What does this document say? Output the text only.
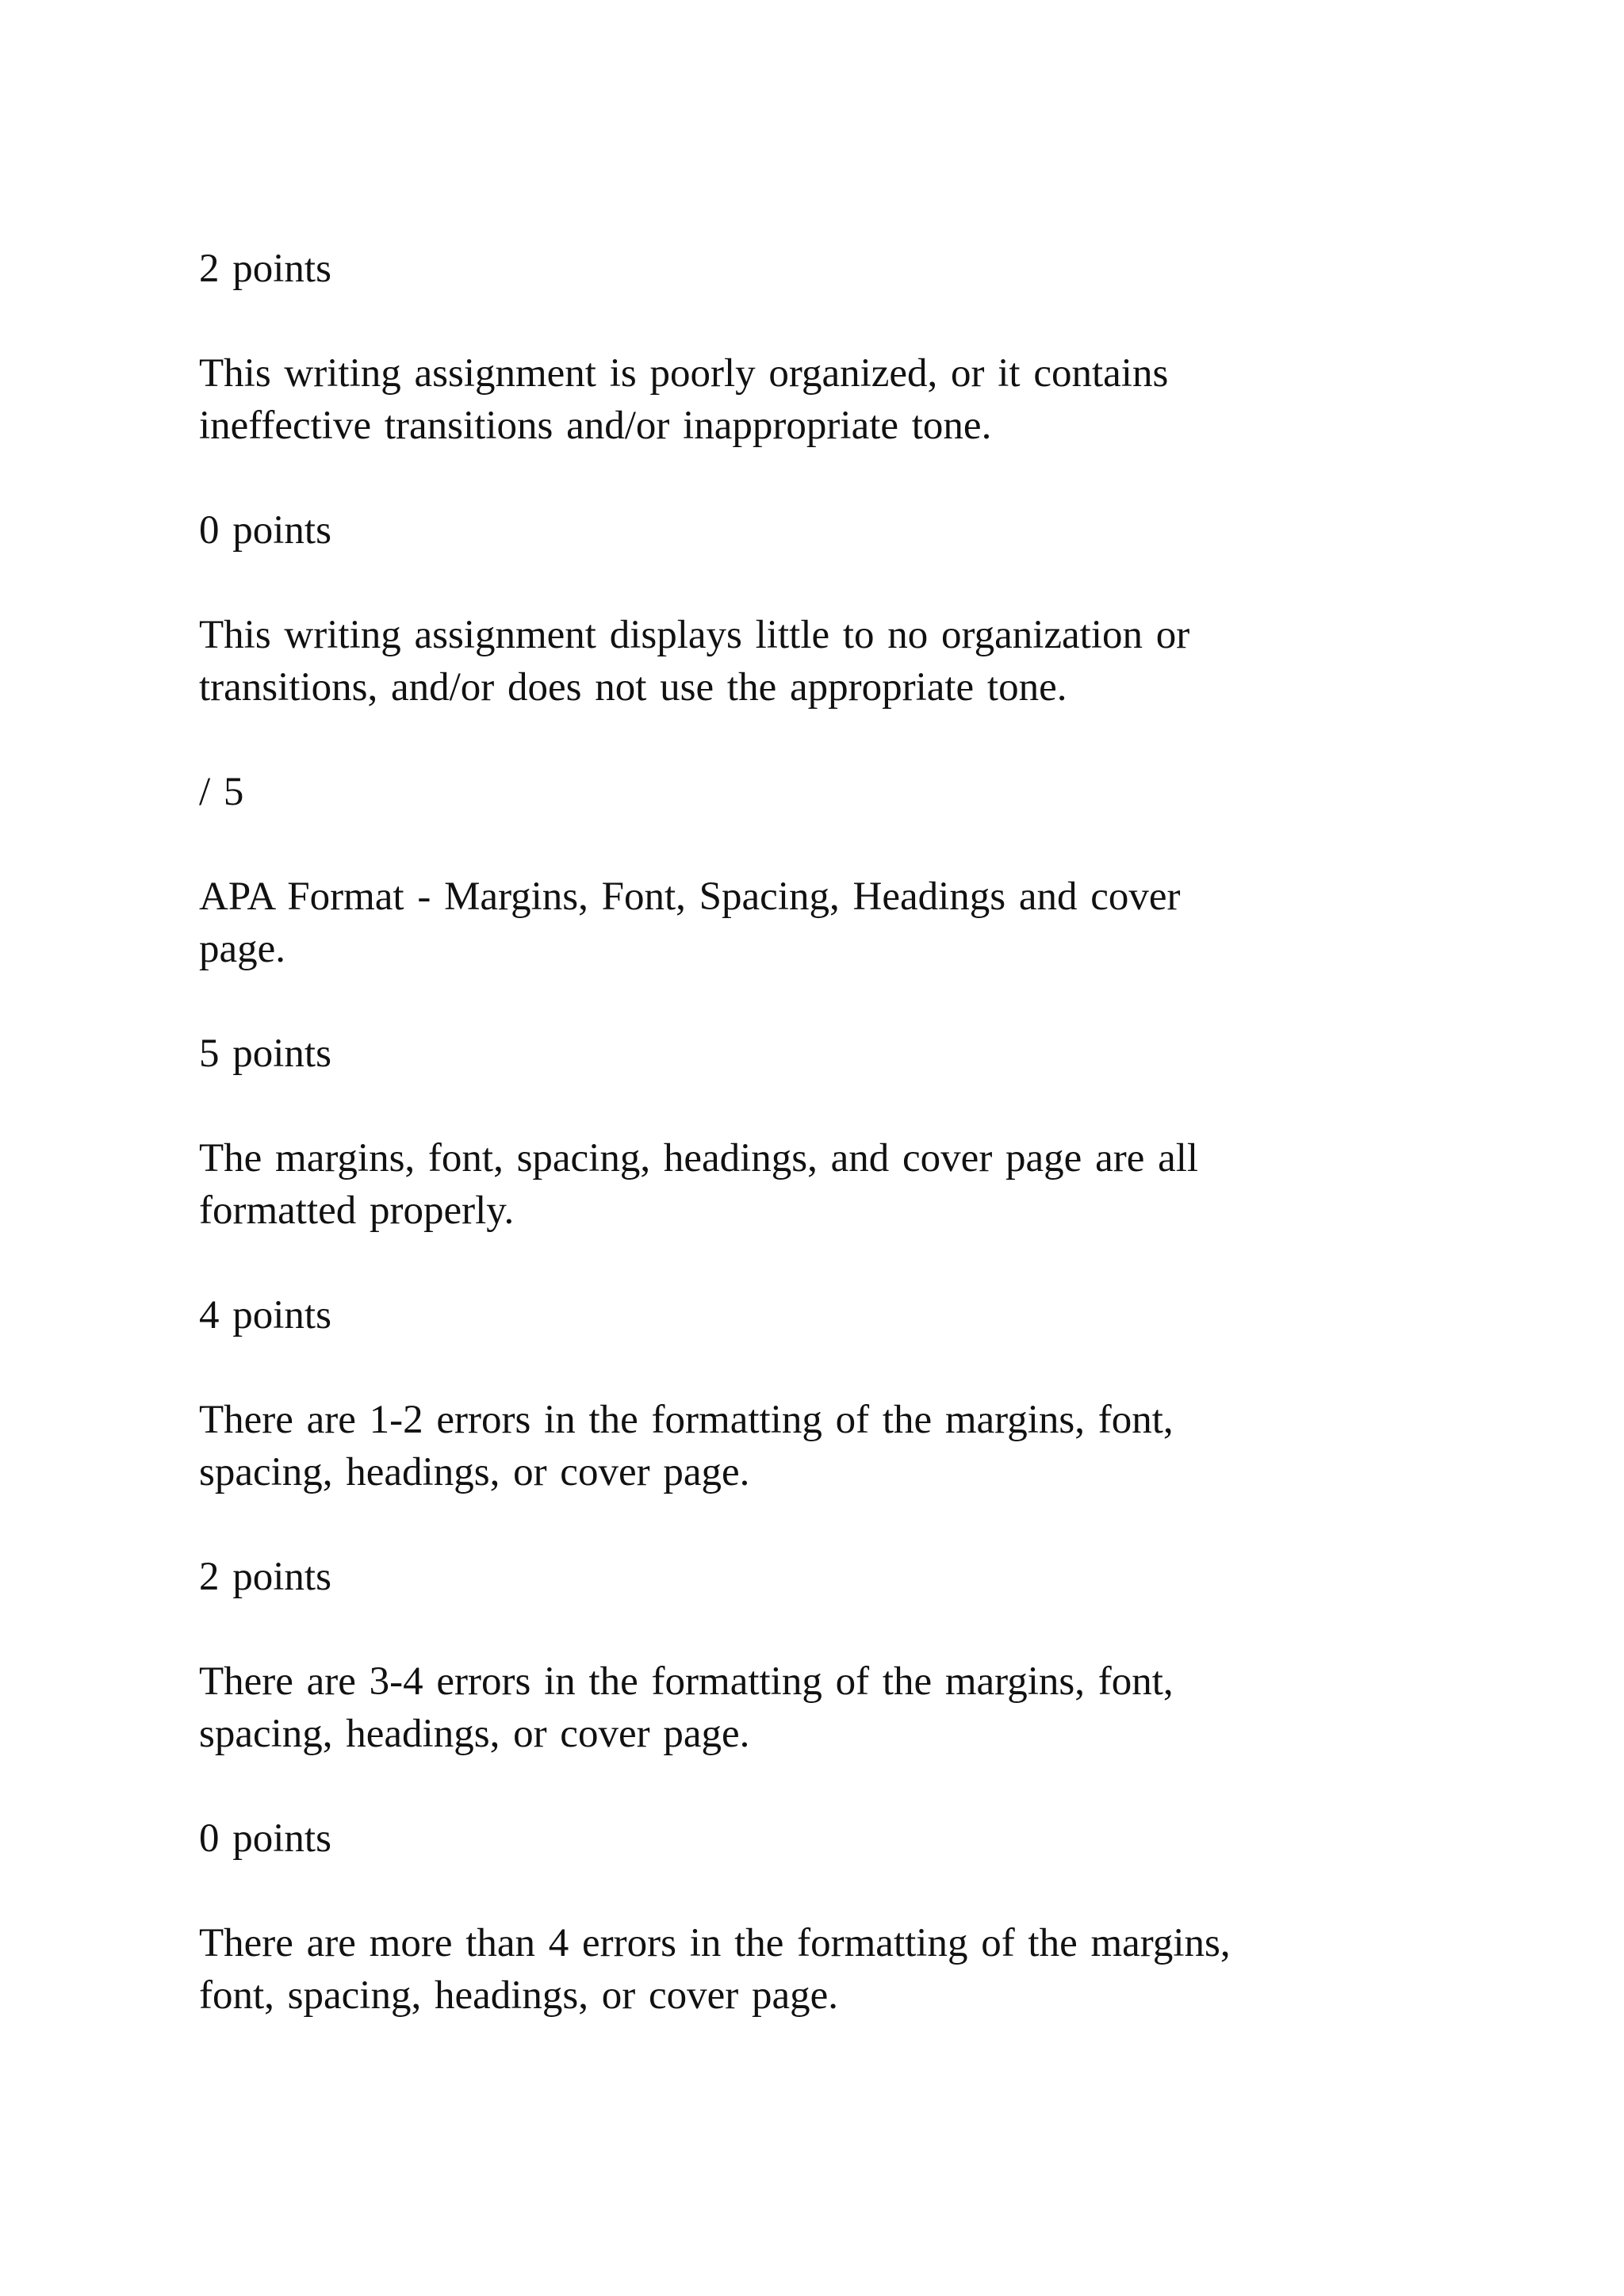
2 points

This writing assignment is poorly organized, or it contains
ineffective transitions and/or inappropriate tone.

0 points

This writing assignment displays little to no organization or
transitions, and/or does not use the appropriate tone.

/ 5

APA Format - Margins, Font, Spacing, Headings and cover
page.

5 points

The margins, font, spacing, headings, and cover page are all
formatted properly.

4 points

There are 1-2 errors in the formatting of the margins, font,
spacing, headings, or cover page.

2 points

There are 3-4 errors in the formatting of the margins, font,
spacing, headings, or cover page.

0 points

There are more than 4 errors in the formatting of the margins,
font, spacing, headings, or cover page.
